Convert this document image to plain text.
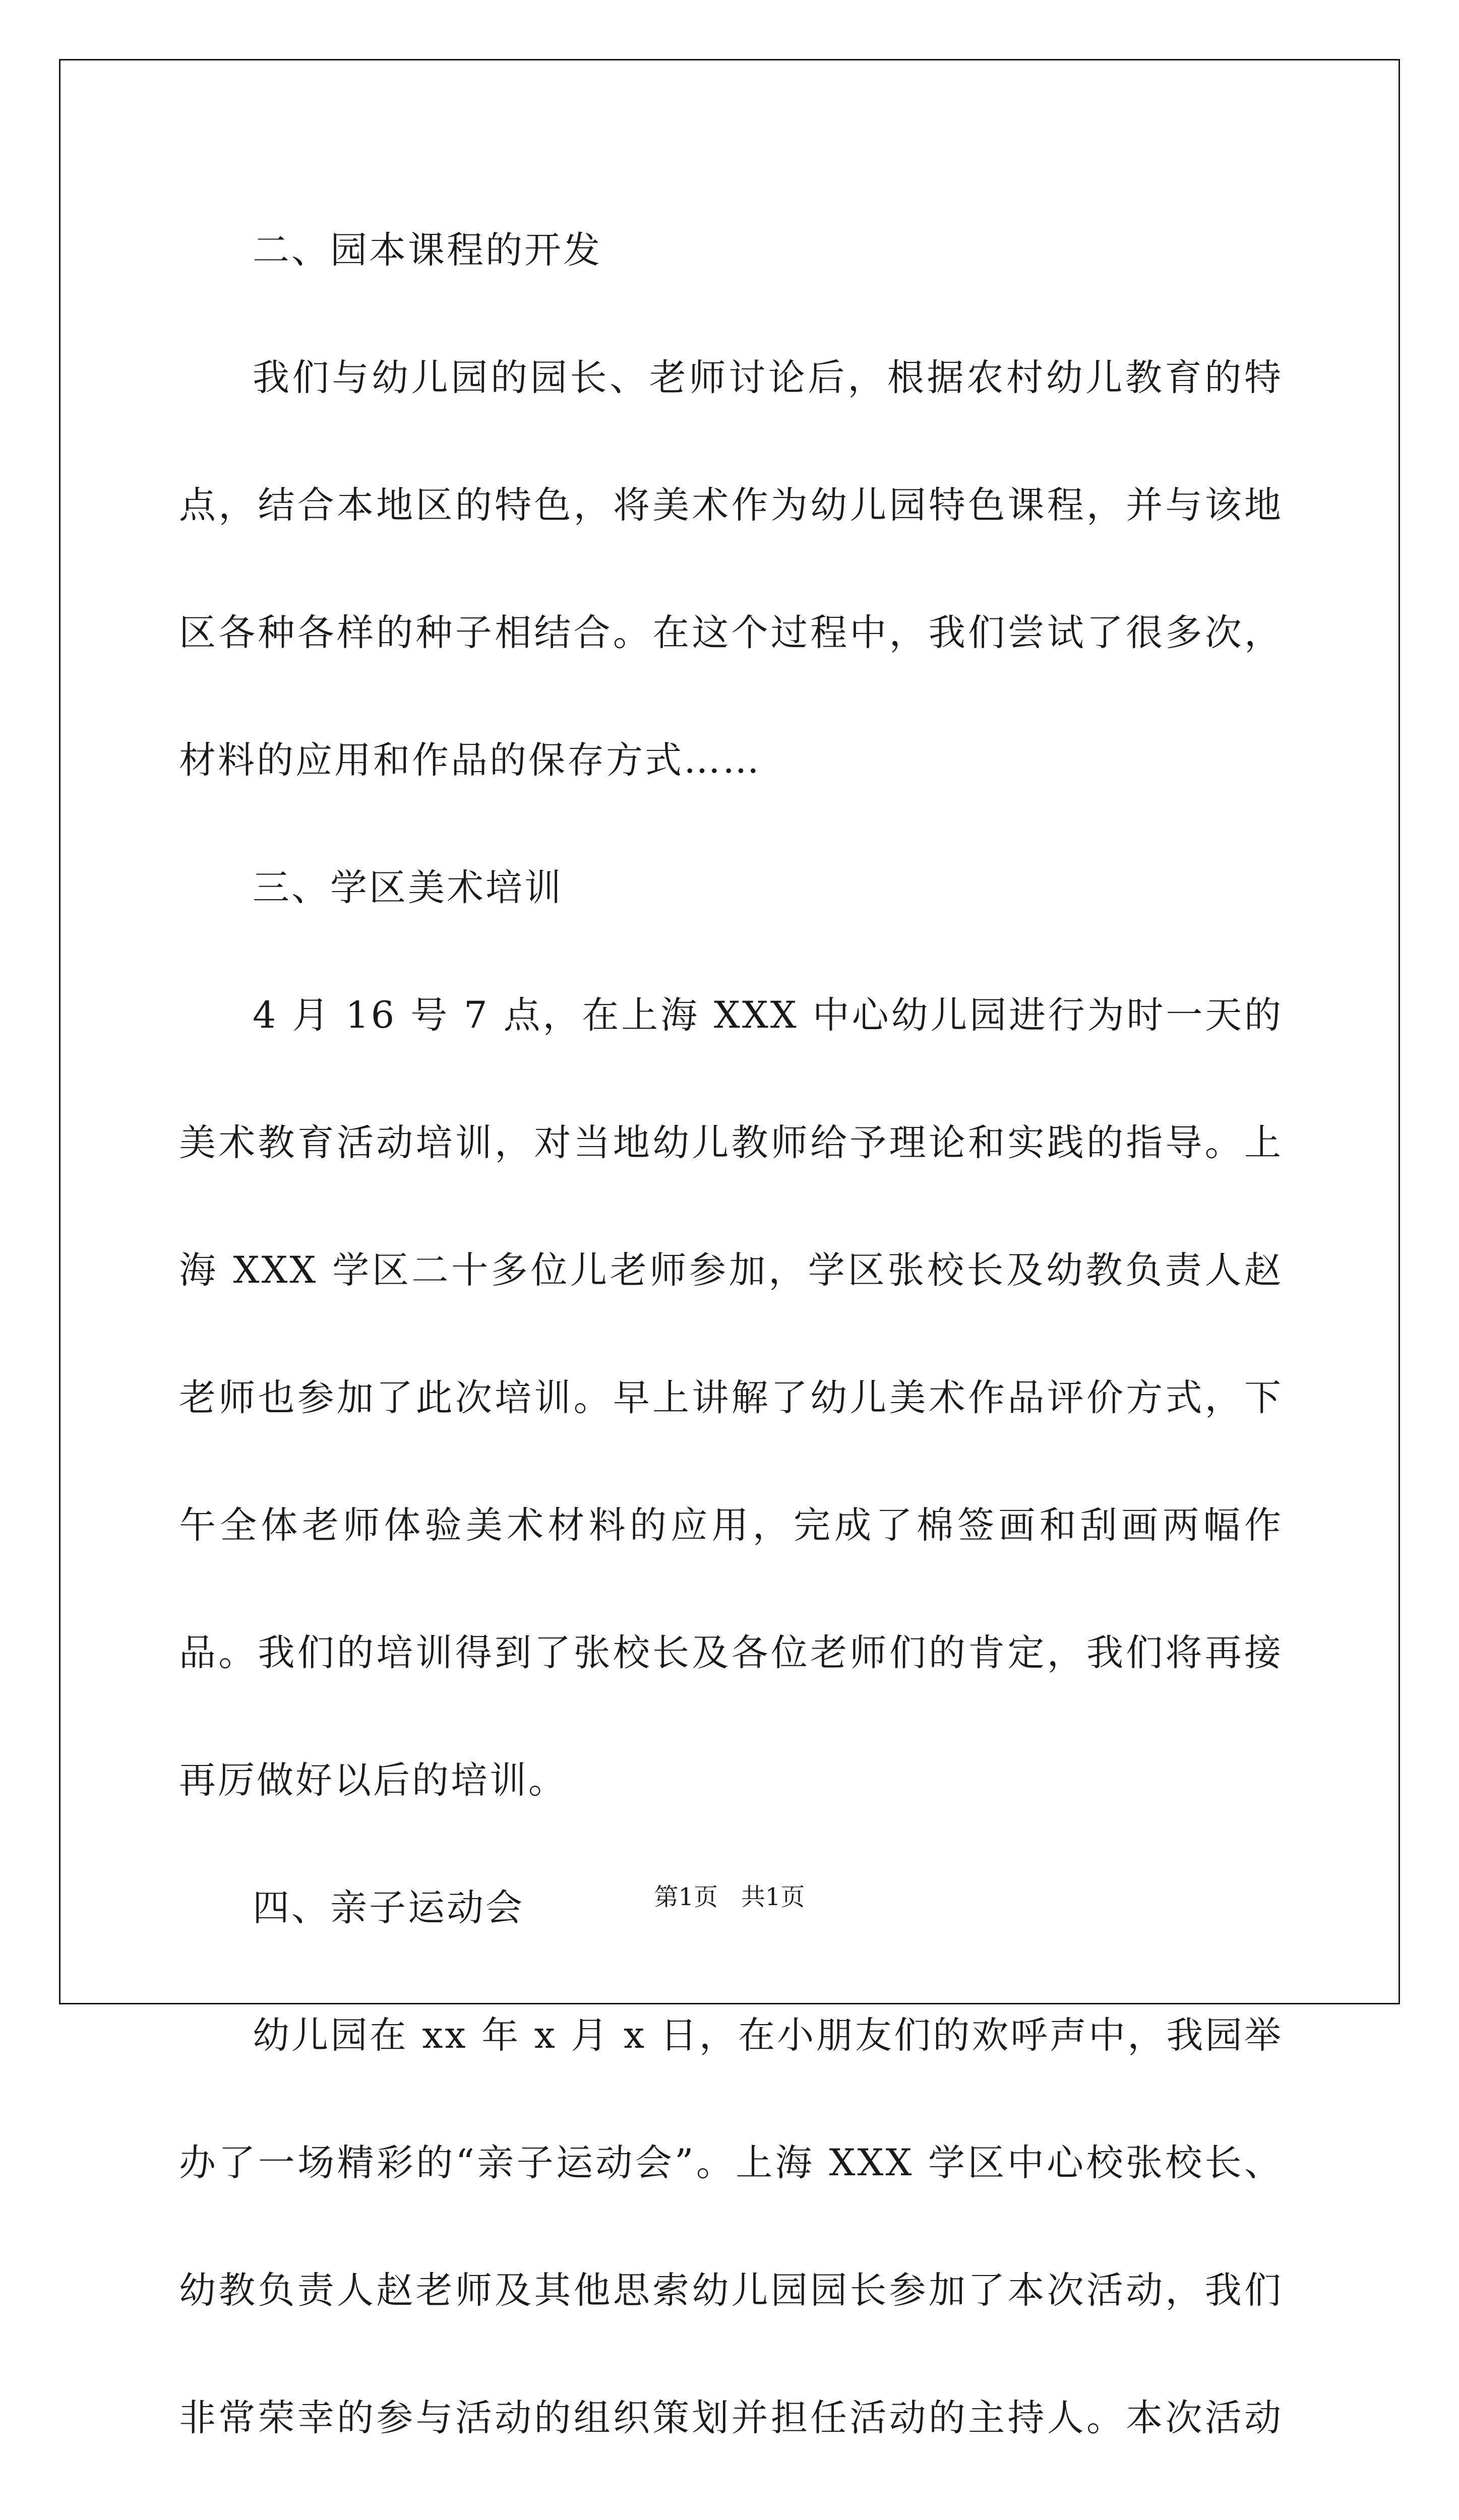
二、园本课程的开发

我们与幼儿园的园长、老师讨论后，根据农村幼儿教育的特点，结合本地区的特色，将美术作为幼儿园特色课程，并与该地区各种各样的种子相结合。在这个过程中，我们尝试了很多次，材料的应用和作品的保存方式……

三、学区美术培训

4 月 16 号 7 点，在上海 XXX 中心幼儿园进行为时一天的美术教育活动培训，对当地幼儿教师给予理论和实践的指导。上海 XXX 学区二十多位儿老师参加，学区张校长及幼教负责人赵老师也参加了此次培训。早上讲解了幼儿美术作品评价方式，下午全体老师体验美术材料的应用，完成了棉签画和刮画两幅作品。我们的培训得到了张校长及各位老师们的肯定，我们将再接再厉做好以后的培训。

四、亲子运动会

幼儿园在 xx 年 x 月 x 日，在小朋友们的欢呼声中，我园举办了一场精彩的“亲子运动会”。上海 XXX 学区中心校张校长、幼教负责人赵老师及其他思索幼儿园园长参加了本次活动，我们非常荣幸的参与活动的组织策划并担任活动的主持人。本次活动

第1页 共1页
